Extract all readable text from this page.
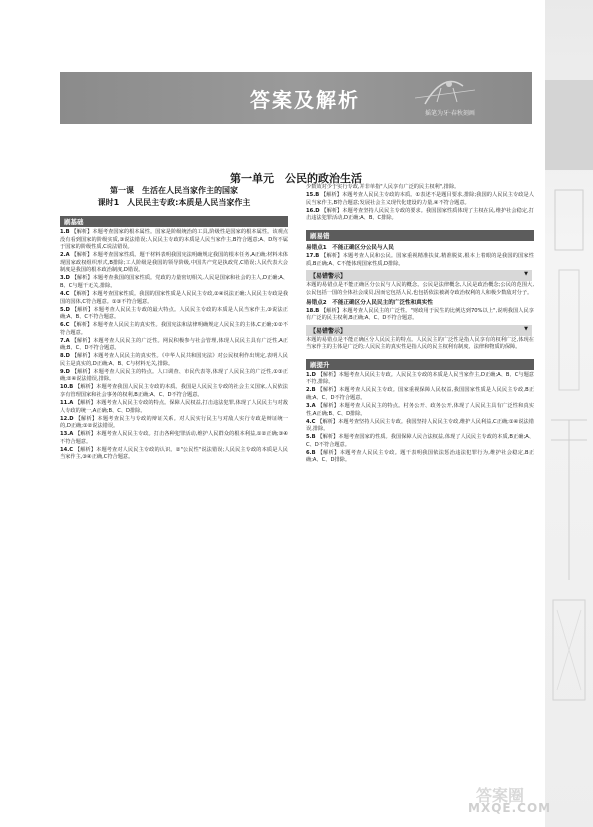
答案及解析
摇笔为牙·春秋刻画
第一单元　公民的政治生活
第一课　生活在人民当家作主的国家
课时1　人民民主专政:本质是人民当家作主
刷基础

1.B 【解析】本题考查国家的根本属性。国家是阶级统治的工具,阶级性是国家的根本属性。该观点没有看到国家的阶级实质,③说法错误;人民民主专政的本质是人民当家作主,B符合题意;A、D均不属于国家的阶级性质,C说法错误。

2.A 【解析】本题考查国家性质。题干材料表明我国宪法明确规定我国的根本任务,A正确;材料未体现国家政权组织形式,B排除;工人阶级是我国的领导阶级,中国共产党是执政党,C错误;人民代表大会制度是我国的根本政治制度,D错误。

3.D 【解析】本题考查我国的国家性质。党政的力量密切相关,人民是国家和社会的主人,D正确;A、B、C与题干无关,排除。

4.C 【解析】本题考查国家性质。我国的国家性质是人民民主专政,②④说法正确;人民民主专政是我国的国体,C符合题意。①③不符合题意。

5.D 【解析】本题考查人民民主专政的最大特点。人民民主专政的本质是人民当家作主,③说法正确;A、B、C不符合题意。

6.C 【解析】本题考查人民民主的真实性。我国宪法和法律明确规定人民民主的主体,C正确;①②不符合题意。

7.A 【解析】本题考查人民民主的广泛性。网民积极参与社会管理,体现人民民主具有广泛性,A正确;B、C、D不符合题意。

8.D 【解析】本题考查人民民主的真实性。《中华人民共和国宪法》对公民权利作出规定,表明人民民主是真实的,D正确;A、B、C与材料无关,排除。

9.D 【解析】本题考查人民民主的特点。人口调查、市民代表等,体现了人民民主的广泛性,①③正确;②④说法错误,排除。

10.B 【解析】本题考查我国人民民主专政的本质。我国是人民民主专政的社会主义国家,人民依法享有管理国家和社会事务的权利,B正确;A、C、D不符合题意。

11.A 【解析】本题考查人民民主专政的特点。保障人民权益,打击违法犯罪,体现了人民民主与对敌人专政的统一,A正确;B、C、D排除。

12.D 【解析】本题考查民主与专政的辩证关系。对人民实行民主与对敌人实行专政是辩证统一的,D正确;①②说法错误。

13.A 【解析】本题考查人民民主专政。打击各种犯罪活动,维护人民群众的根本利益,①②正确;③④不符合题意。

14.C 【解析】本题考查对人民民主专政的认识。②"公民性"说法错误;人民民主专政的本质是人民当家作主,③④正确,C符合题意。

少数效对少于实行专政,并非单指"人民享有广泛的民主权利",排除。

15.B 【解析】本题考查人民民主专政的本质。①表述不是题目要求,排除;我国的人民民主专政是人民当家作主,B符合题意;发展社会主义现代化建设的力量,④不符合题意。

16.D 【解析】本题考查坚持人民民主专政的要求。我国国家性质体现了主权在民,维护社会稳定,打击违法犯罪活动,D正确;A、B、C排除。

刷易错
易错点1　不能正确区分公民与人民

17.B 【解析】本题考查人民和公民。国家重视精准扶贫,精准脱贫,根本上着眼的是我国的国家性质,B正确;A、C不能体现国家性质,D排除。

【易错警示】	▼

本题的易错点是不能正确区分公民与人民的概念。公民是法律概念,人民是政治概念;公民的范围大,公民包括一国的全体社会成员,因而它包括人民,也包括依法被剥夺政治权利的人和极少数敌对分子。

易错点2　不能正确区分人民民主的广泛性和真实性

18.B 【解析】本题考查人民民主的广泛性。"财政用于民生的比例达到70%以上",说明我国人民享有广泛的民主权利,B正确;A、C、D不符合题意。

【易错警示】	▼

本题的易错点是不能正确区分人民民主的特点。人民民主的广泛性是指人民享有的权利广泛,体现在当家作主的主体是广泛的;人民民主的真实性是指人民的民主权利有制度、法律和物质的保障。

刷提升

1.D 【解析】本题考查人民民主专政。人民民主专政的本质是人民当家作主,D正确;A、B、C与题意不符,排除。

2.B 【解析】本题考查人民民主专政。国家重视保障人民权益,我国国家性质是人民民主专政,B正确;A、C、D不符合题意。

3.A 【解析】本题考查人民民主的特点。村务公开、政务公开,体现了人民民主具有广泛性和真实性,A正确;B、C、D排除。

4.C 【解析】本题考查坚持人民民主专政。我国坚持人民民主专政,维护人民利益,C正确;①④说法错误,排除。

5.B 【解析】本题考查国家的性质。我国保障人民合法权益,体现了人民民主专政的本质,B正确;A、C、D不符合题意。

6.B 【解析】本题考查人民民主专政。题干表明我国依法惩治违法犯罪行为,维护社会稳定,B正确;A、C、D排除。

答案圈
MXQE.COM
